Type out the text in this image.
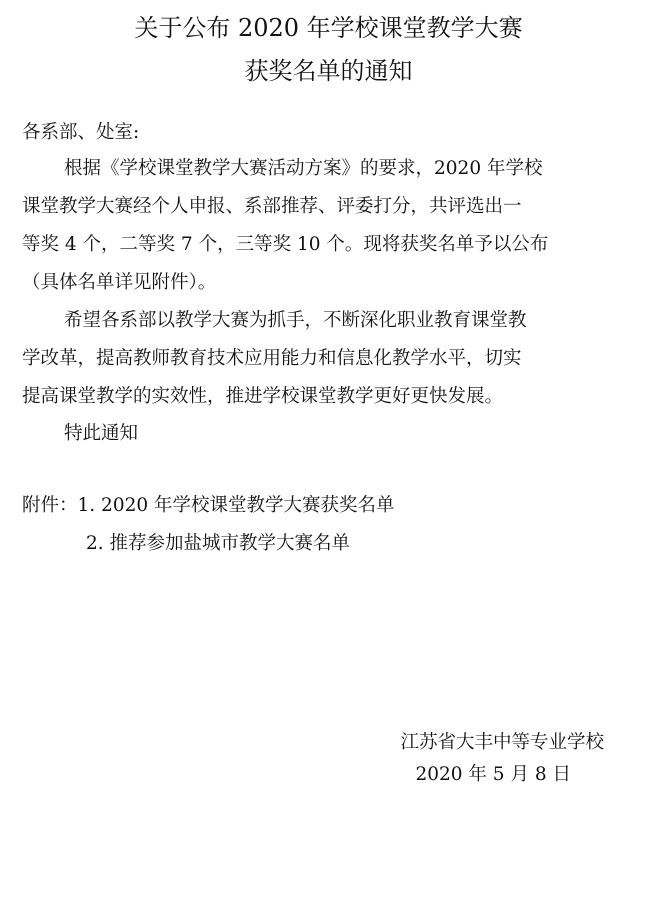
关于公布 2020 年学校课堂教学大赛
获奖名单的通知
各系部、处室:
根据《学校课堂教学大赛活动方案》的要求，2020 年学校
课堂教学大赛经个人申报、系部推荐、评委打分，共评选出一
等奖 4 个，二等奖 7 个，三等奖 10 个。现将获奖名单予以公布
（具体名单详见附件）。
希望各系部以教学大赛为抓手，不断深化职业教育课堂教
学改革，提高教师教育技术应用能力和信息化教学水平，切实
提高课堂教学的实效性，推进学校课堂教学更好更快发展。
特此通知
附件：1. 2020 年学校课堂教学大赛获奖名单
2. 推荐参加盐城市教学大赛名单
江苏省大丰中等专业学校
2020 年 5 月 8 日
